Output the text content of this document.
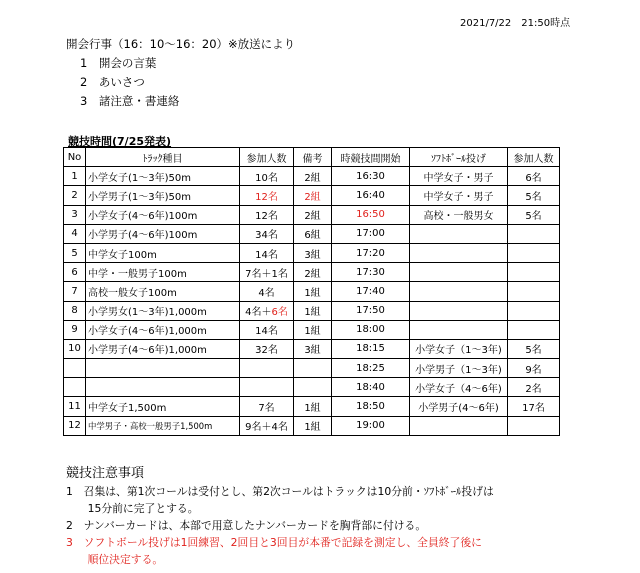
2021/7/22　21:50時点
開会行事（16：10〜16：20）※放送により
1　 開会の言葉
2　 あいさつ
3　 諸注意・書連絡
競技時間(7/25発表)
No	ﾄﾗｯｸ種目	参加人数	備考	時競技間開始	ｿﾌﾄﾎﾞｰﾙ投げ	参加人数
1	小学女子(1〜3年)50m	10名	2組	16:30	中学女子・男子	6名
2	小学男子(1〜3年)50m	12名	2組	16:40	中学女子・男子	5名
3	小学女子(4〜6年)100m	12名	2組	16:50	高校・一般男女	5名
4	小学男子(4〜6年)100m	34名	6組	17:00		
5	中学女子100m	14名	3組	17:20		
6	中学・一般男子100m	7名＋1名	2組	17:30		
7	高校一般女子100m	4名	1組	17:40		
8	小学男女(1〜3年)1,000m	4名＋6名	1組	17:50		
9	小学女子(4〜6年)1,000m	14名	1組	18:00		
10	小学男子(4〜6年)1,000m	32名	3組	18:15	小学女子（1〜3年)	5名
				18:25	小学男子（1〜3年)	9名
				18:40	小学女子（4〜6年)	2名
11	中学女子1,500m	7名	1組	18:50	小学男子(4〜6年)	17名
12	中学男子・高校一般男子1,500m	9名＋4名	1組	19:00		
競技注意事項
1　召集は、第1次コールは受付とし、第2次コールはトラックは10分前・ｿﾌﾄﾎﾞｰﾙ投げは
　　15分前に完了とする。
2　ナンバーカードは、本部で用意したナンバーカードを胸背部に付ける。
3　ソフトボール投げは1回練習、2回目と3回目が本番で記録を測定し、全員終了後に
　　順位決定する。
